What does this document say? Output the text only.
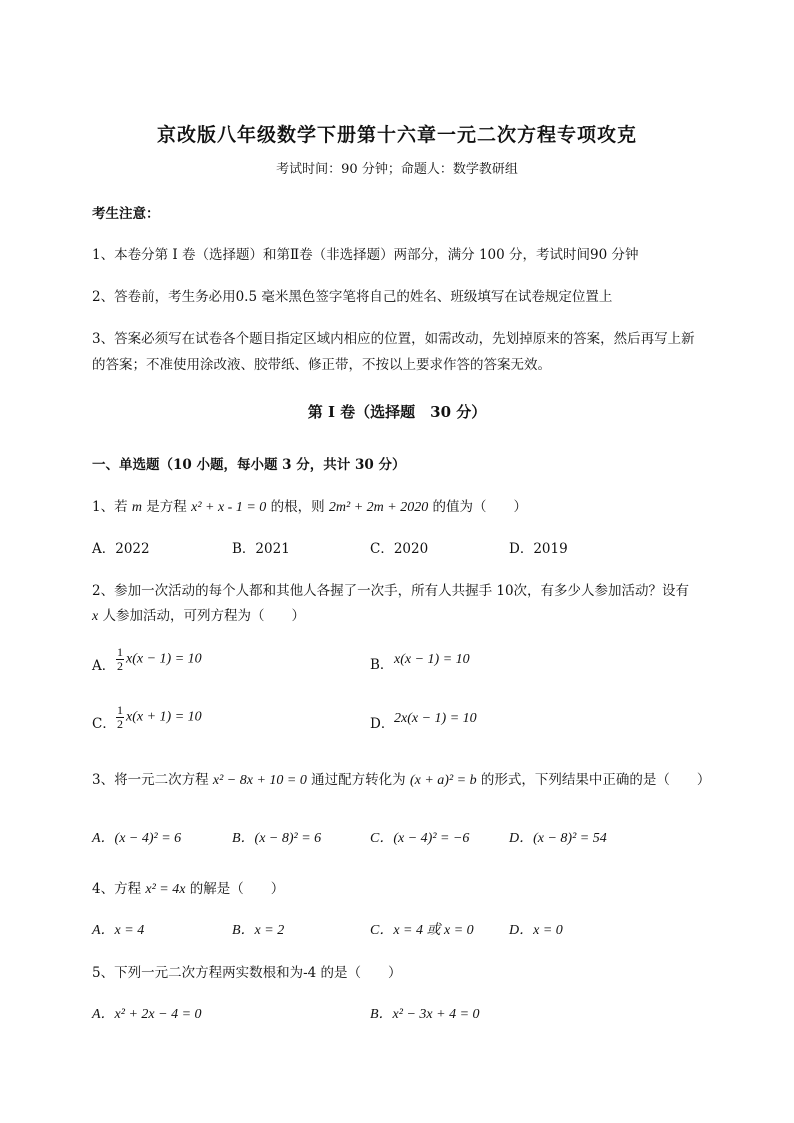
京改版八年级数学下册第十六章一元二次方程专项攻克
考试时间：90 分钟；命题人：数学教研组
考生注意：
1、本卷分第 I 卷（选择题）和第Ⅱ卷（非选择题）两部分，满分 100 分，考试时间90 分钟
2、答卷前，考生务必用0.5 毫米黑色签字笔将自己的姓名、班级填写在试卷规定位置上
3、答案必须写在试卷各个题目指定区域内相应的位置，如需改动，先划掉原来的答案，然后再写上新
的答案；不准使用涂改液、胶带纸、修正带，不按以上要求作答的答案无效。
第 I 卷（选择题　30 分）
一、单选题（10 小题，每小题 3 分，共计 30 分）
1、若 m 是方程 x² + x - 1 = 0 的根，则 2m² + 2m + 2020 的值为（　　）
A．2022	B．2021	C．2020	D．2019
2、参加一次活动的每个人都和其他人各握了一次手，所有人共握手 10次，有多少人参加活动？设有
x 人参加活动，可列方程为（　　）
A． $\frac{1}{2} x(x - 1) = 10$	B． x(x − 1) = 10
C． $\frac{1}{2} x(x + 1) = 10$	D． 2x(x − 1) = 10
3、将一元二次方程 x² − 8x + 10 = 0 通过配方转化为 (x + a)² = b 的形式，下列结果中正确的是（　　）
A．(x − 4)² = 6	B．(x − 8)² = 6	C．(x − 4)² = −6	D．(x − 8)² = 54
4、方程 x² = 4x 的解是（　　）
A．x = 4	B．x = 2	C．x = 4 或 x = 0	D．x = 0
5、下列一元二次方程两实数根和为-4 的是（　　）
A．x² + 2x − 4 = 0	B．x² − 3x + 4 = 0
